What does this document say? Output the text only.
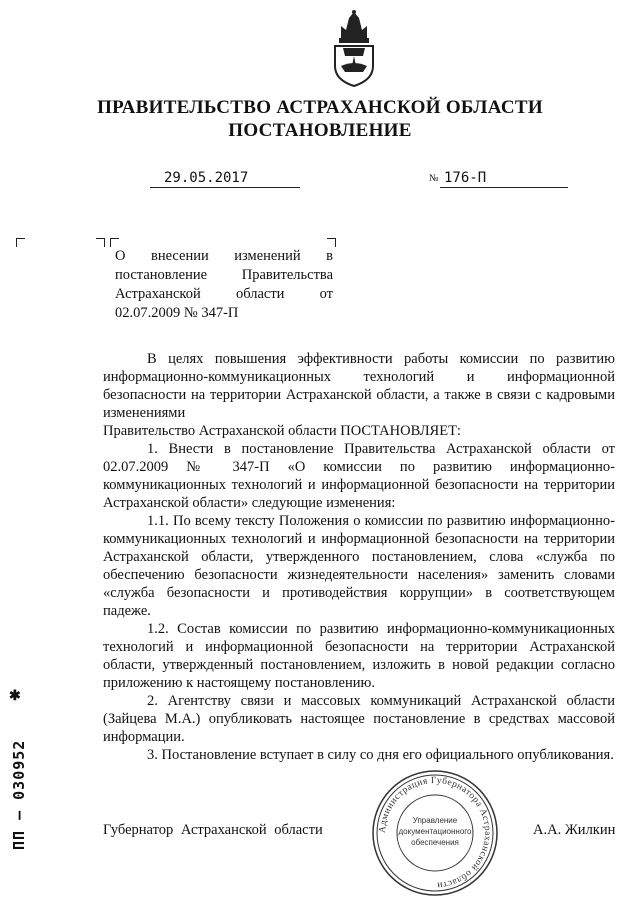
ПРАВИТЕЛЬСТВО АСТРАХАНСКОЙ ОБЛАСТИ
ПОСТАНОВЛЕНИЕ
29.05.2017	№ 176-П
О внесении изменений в постановление Правительства Астраханской области от 02.07.2009 № 347-П

В целях повышения эффективности работы комиссии по развитию информационно-коммуникационных технологий и информационной безопасности на территории Астраханской области, а также в связи с кадровыми изменениями

Правительство Астраханской области ПОСТАНОВЛЯЕТ:

1. Внести в постановление Правительства Астраханской области от 02.07.2009 № 347-П «О комиссии по развитию информационно-коммуникационных технологий и информационной безопасности на территории Астраханской области» следующие изменения:

1.1. По всему тексту Положения о комиссии по развитию информационно-коммуникационных технологий и информационной безопасности на территории Астраханской области, утвержденного постановлением, слова «служба по обеспечению безопасности жизнедеятельности населения» заменить словами «служба безопасности и противодействия коррупции» в соответствующем падеже.

1.2. Состав комиссии по развитию информационно-коммуникационных технологий и информационной безопасности на территории Астраханской области, утвержденный постановлением, изложить в новой редакции согласно приложению к настоящему постановлению.

2. Агентству связи и массовых коммуникаций Астраханской области (Зайцева М.А.) опубликовать настоящее постановление в средствах массовой информации.

3. Постановление вступает в силу со дня его официального опубликования.

Губернатор Астраханской области	А.А. Жилкин
Администрация Губернатора Астраханской области
Управление
документационного
обеспечения
✱
ПП – 030952
